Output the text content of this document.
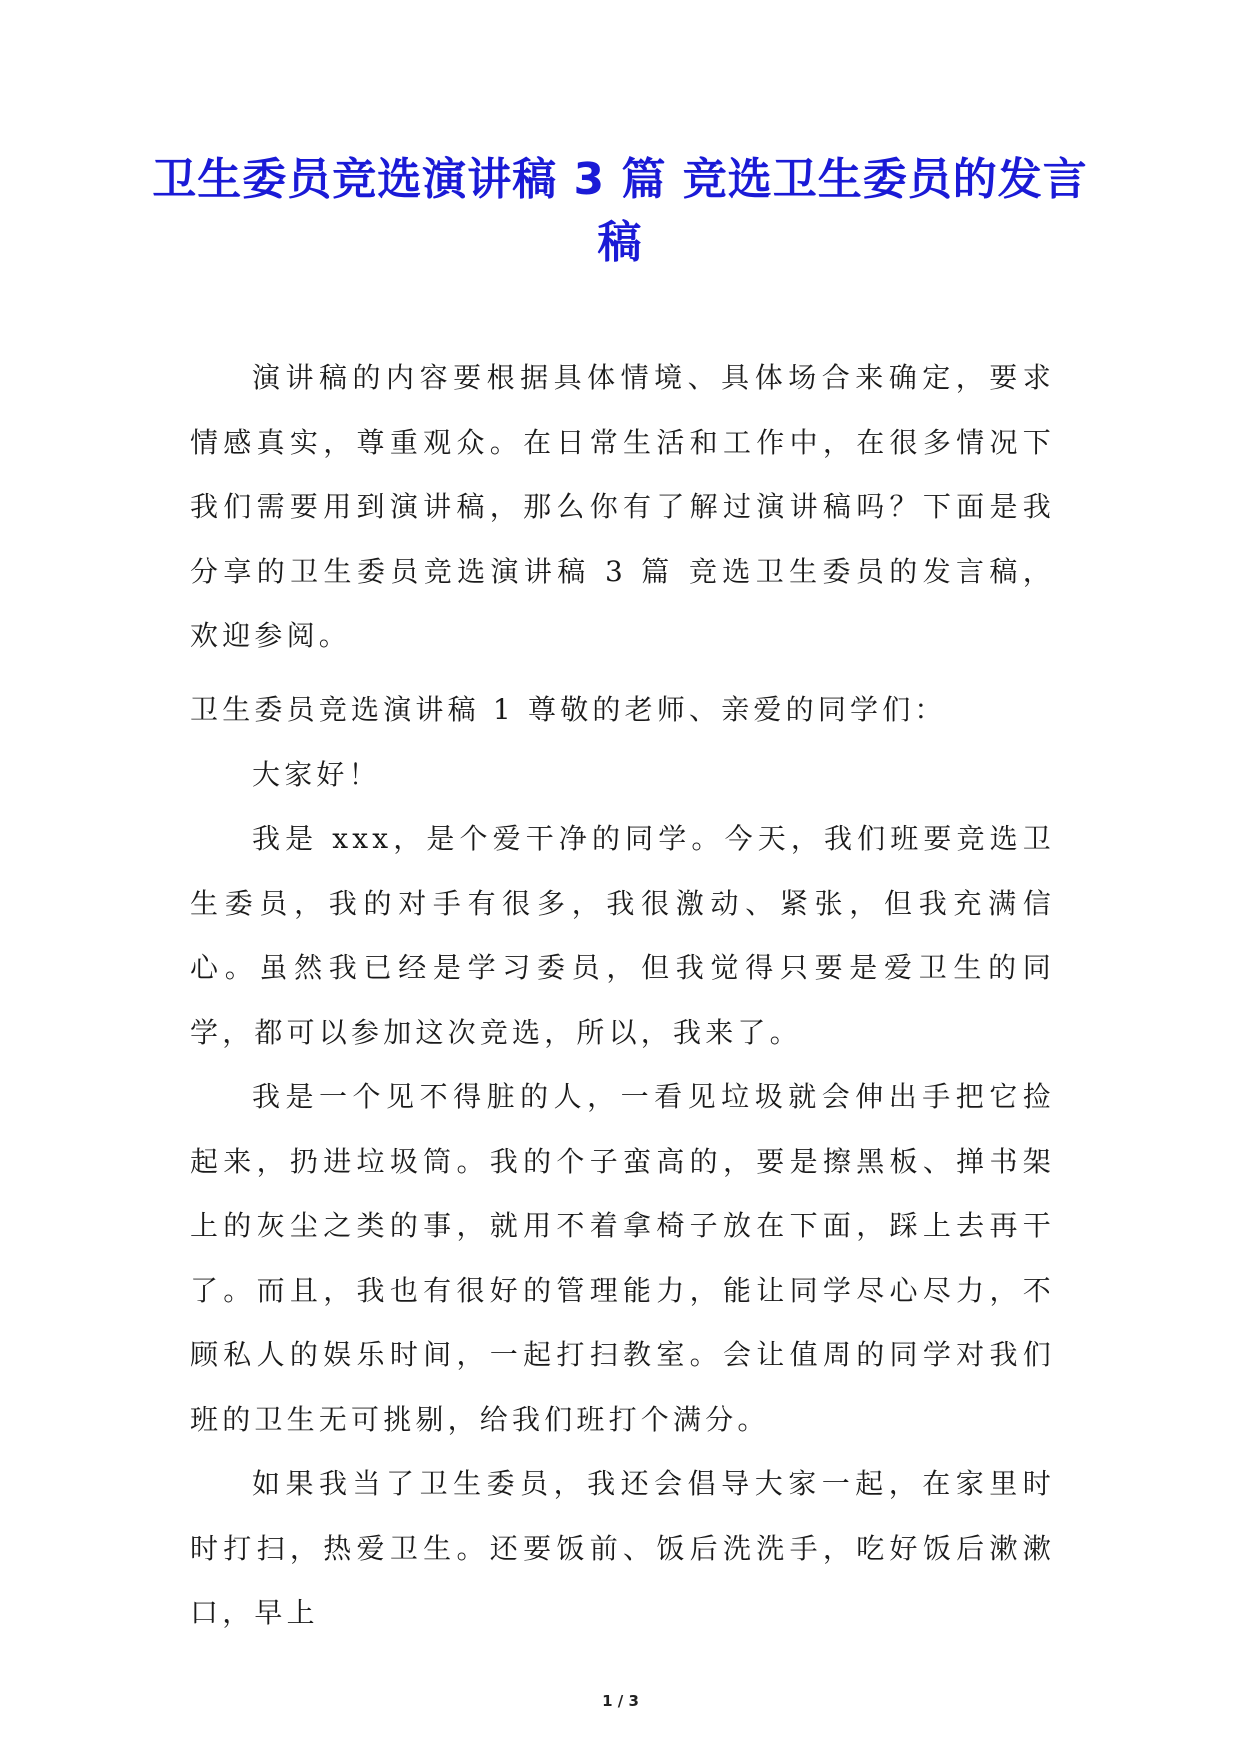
卫生委员竞选演讲稿 3 篇 竞选卫生委员的发言稿

演讲稿的内容要根据具体情境、具体场合来确定，要求情感真实，尊重观众。在日常生活和工作中，在很多情况下我们需要用到演讲稿，那么你有了解过演讲稿吗？下面是我分享的卫生委员竞选演讲稿 3 篇 竞选卫生委员的发言稿，欢迎参阅。

卫生委员竞选演讲稿 1 尊敬的老师、亲爱的同学们：

大家好！

我是 xxx，是个爱干净的同学。今天，我们班要竞选卫生委员，我的对手有很多，我很激动、紧张，但我充满信心。虽然我已经是学习委员，但我觉得只要是爱卫生的同学，都可以参加这次竞选，所以，我来了。

我是一个见不得脏的人，一看见垃圾就会伸出手把它捡起来，扔进垃圾筒。我的个子蛮高的，要是擦黑板、掸书架上的灰尘之类的事，就用不着拿椅子放在下面，踩上去再干了。而且，我也有很好的管理能力，能让同学尽心尽力，不顾私人的娱乐时间，一起打扫教室。会让值周的同学对我们班的卫生无可挑剔，给我们班打个满分。

如果我当了卫生委员，我还会倡导大家一起，在家里时时打扫，热爱卫生。还要饭前、饭后洗洗手，吃好饭后漱漱口，早上

1 / 3
